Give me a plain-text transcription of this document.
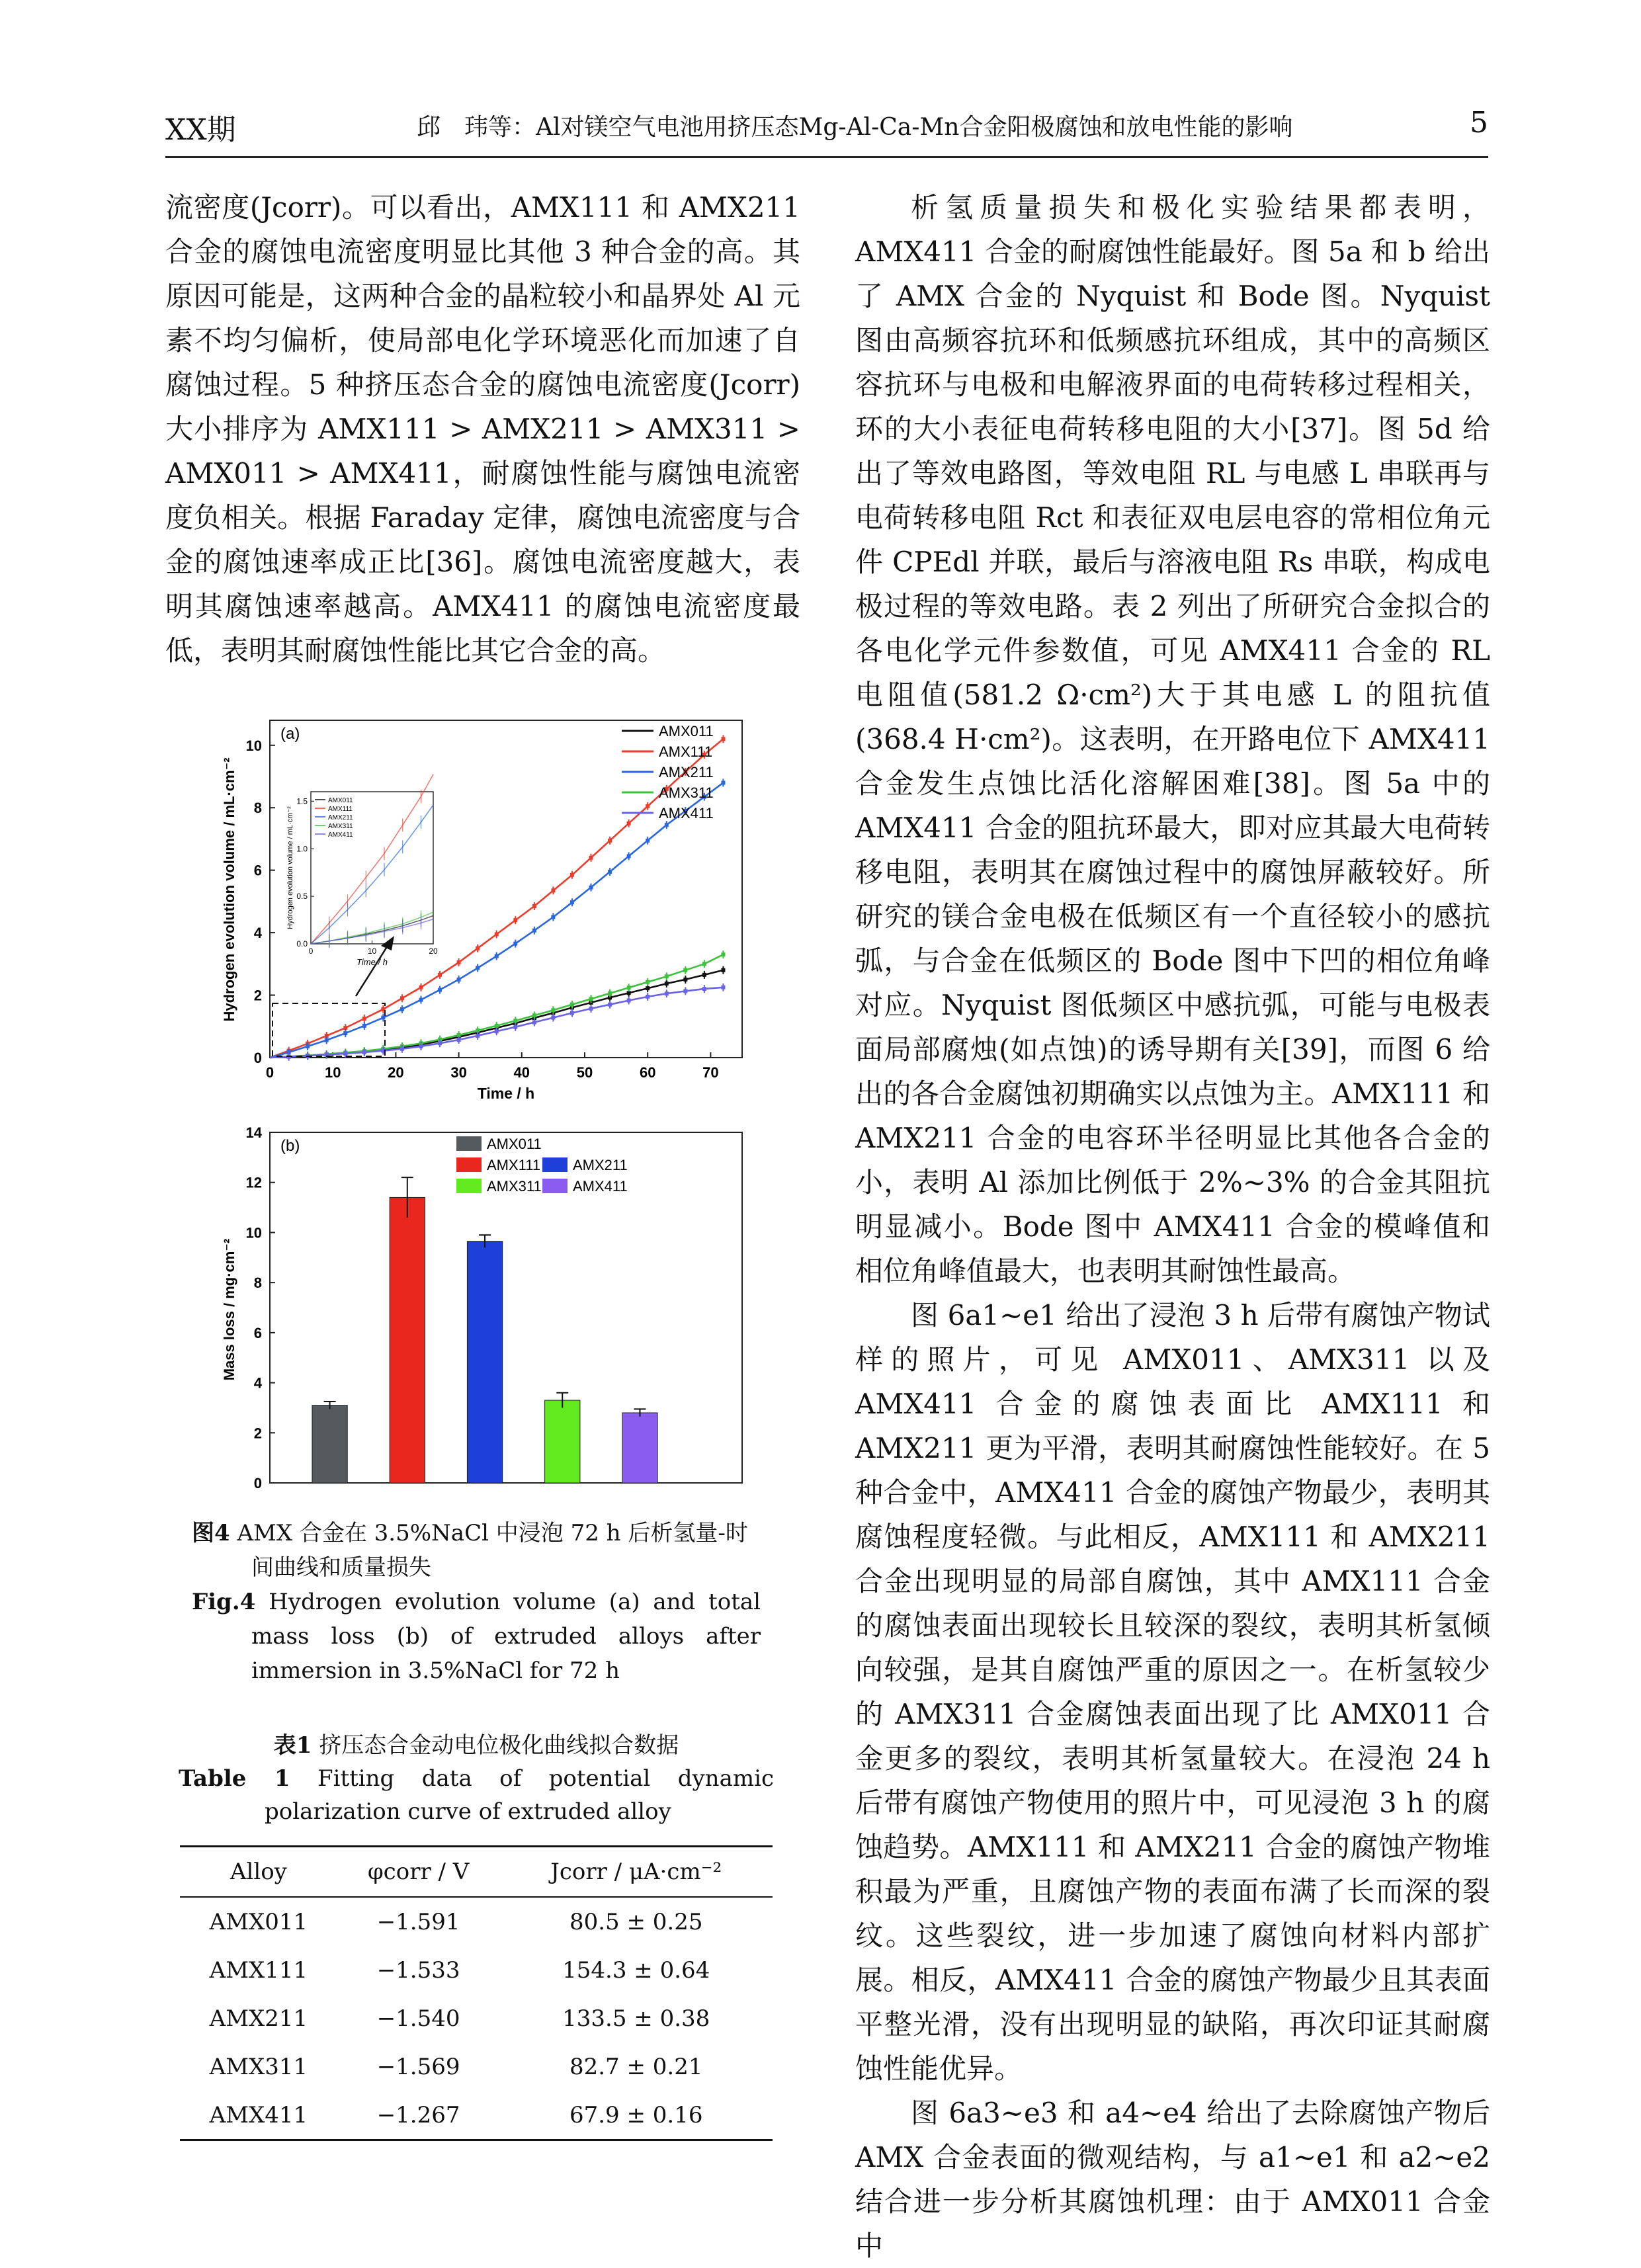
XX期	邱　玮等：Al对镁空气电池用挤压态Mg-Al-Ca-Mn合金阳极腐蚀和放电性能的影响	5

流密度(Jcorr)。可以看出，AMX111 和 AMX211 合金的腐蚀电流密度明显比其他 3 种合金的高。其原因可能是，这两种合金的晶粒较小和晶界处 Al 元素不均匀偏析，使局部电化学环境恶化而加速了自腐蚀过程。5 种挤压态合金的腐蚀电流密度(Jcorr)大小排序为 AMX111 > AMX211 > AMX311 > AMX011 > AMX411，耐腐蚀性能与腐蚀电流密度负相关。根据 Faraday 定律，腐蚀电流密度与合金的腐蚀速率成正比[36]。腐蚀电流密度越大，表明其腐蚀速率越高。AMX411 的腐蚀电流密度最低，表明其耐腐蚀性能比其它合金的高。

0	10	20	30	40	50	60	70
0
2
4
6
8
10
0	10	20
0.0
0.5
1.0
1.5
Time / h
Hydrogen evolution volume / mL·cm⁻²
AMX011
AMX111
AMX211
AMX311
AMX411
AMX011
AMX111
AMX211
AMX311
AMX411
(a)
Time / h
Hydrogen evolution volume / mL·cm⁻²
0
2
4
6
8
10
12
14
AMX011
AMX111 AMX211
AMX311 AMX411
(b)
Mass loss / mg·cm⁻²
图4 AMX 合金在 3.5%NaCl 中浸泡 72 h 后析氢量-时间曲线和质量损失
Fig.4 Hydrogen evolution volume (a) and total mass loss (b) of extruded alloys after immersion in 3.5%NaCl for 72 h
表1 挤压态合金动电位极化曲线拟合数据
Table 1 Fitting data of potential dynamic polarization curve of extruded alloy
Alloy	φcorr / V	Jcorr / μA·cm⁻²
AMX011	−1.591	80.5 ± 0.25
AMX111	−1.533	154.3 ± 0.64
AMX211	−1.540	133.5 ± 0.38
AMX311	−1.569	82.7 ± 0.21
AMX411	−1.267	67.9 ± 0.16

析氢质量损失和极化实验结果都表明，AMX411 合金的耐腐蚀性能最好。图 5a 和 b 给出了 AMX 合金的 Nyquist 和 Bode 图。Nyquist 图由高频容抗环和低频感抗环组成，其中的高频区容抗环与电极和电解液界面的电荷转移过程相关，环的大小表征电荷转移电阻的大小[37]。图 5d 给出了等效电路图，等效电阻 RL 与电感 L 串联再与电荷转移电阻 Rct 和表征双电层电容的常相位角元件 CPEdl 并联，最后与溶液电阻 Rs 串联，构成电极过程的等效电路。表 2 列出了所研究合金拟合的各电化学元件参数值，可见 AMX411 合金的 RL 电阻值(581.2 Ω·cm²)大于其电感 L 的阻抗值(368.4 H·cm²)。这表明，在开路电位下 AMX411 合金发生点蚀比活化溶解困难[38]。图 5a 中的 AMX411 合金的阻抗环最大，即对应其最大电荷转移电阻，表明其在腐蚀过程中的腐蚀屏蔽较好。所研究的镁合金电极在低频区有一个直径较小的感抗弧，与合金在低频区的 Bode 图中下凹的相位角峰对应。Nyquist 图低频区中感抗弧，可能与电极表面局部腐烛(如点蚀)的诱导期有关[39]，而图 6 给出的各合金腐蚀初期确实以点蚀为主。AMX111 和 AMX211 合金的电容环半径明显比其他各合金的小，表明 Al 添加比例低于 2%~3% 的合金其阻抗明显减小。Bode 图中 AMX411 合金的模峰值和相位角峰值最大，也表明其耐蚀性最高。

图 6a1~e1 给出了浸泡 3 h 后带有腐蚀产物试样的照片，可见 AMX011、AMX311 以及 AMX411 合金的腐蚀表面比 AMX111 和 AMX211 更为平滑，表明其耐腐蚀性能较好。在 5 种合金中，AMX411 合金的腐蚀产物最少，表明其腐蚀程度轻微。与此相反，AMX111 和 AMX211 合金出现明显的局部自腐蚀，其中 AMX111 合金的腐蚀表面出现较长且较深的裂纹，表明其析氢倾向较强，是其自腐蚀严重的原因之一。在析氢较少的 AMX311 合金腐蚀表面出现了比 AMX011 合金更多的裂纹，表明其析氢量较大。在浸泡 24 h 后带有腐蚀产物使用的照片中，可见浸泡 3 h 的腐蚀趋势。AMX111 和 AMX211 合金的腐蚀产物堆积最为严重，且腐蚀产物的表面布满了长而深的裂纹。这些裂纹，进一步加速了腐蚀向材料内部扩展。相反，AMX411 合金的腐蚀产物最少且其表面平整光滑，没有出现明显的缺陷，再次印证其耐腐蚀性能优异。

图 6a3~e3 和 a4~e4 给出了去除腐蚀产物后 AMX 合金表面的微观结构，与 a1~e1 和 a2~e2 结合进一步分析其腐蚀机理：由于 AMX011 合金中
